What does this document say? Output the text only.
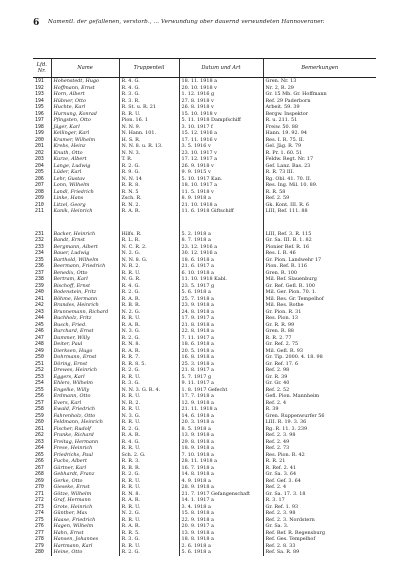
6 Namentl. der gefallenen, verstorb., ... Verwundung ober dauernd verwundeten Hannoveraner.
Lfd. Nr.	Name	Truppenteil	Datum und Art	Bemerkungen
191	Hohenstedt, Hugo	R. 4. G.	18. 11. 1918 a	Gren. Nr. 13
192	Hoffmann, Ernst	R. 4. G.	20. 10. 1918 v	Nr. 2, R. 29
193	Horn, Albert	R. 3. G.	1. 12. 1916 g	Gr. 15 Mb. Gr. Hoffmann
194	Hübner, Otto	R. 3. R.	27. 8. 1918 v	Ref. 29 Paderborn
195	Huchte, Karl	R. St. u. R. 21	26. 8. 1918 v	Arbeit. 59. 39
196	Hurnung, Konrad	R. R. U.	15. 10. 1918 v	Bergw. Inspektor
197	Pfingsten, Otto	Pion. 16. 1	5. 11. 1918 Dampfschiff	R. u. 211. 51
198	Jäger, Karl	N. N. 9.	3. 10. 1917 f	Freiw. 50. 88
199	Kellinger, Karl	N. Hann. 101.	15. 12. 1916 a	Hann. 19. 92. 94
200	Kramer, Wilhelm	H. S. R.	17. 11. 1916 v	Res. I. R. 75. II.
201	Krebs, Heinz	N. N. 8. u. R. 13.	3. 5. 1916 v	Gel. Jäg. R. 79
202	Knuth, Otto	N. N. 3.	23. 10. 1917 v	R. Pr. 1. 60. 51
203	Kurze, Albert	T. R.	17. 12. 1917 a	Feldw. Regt. Nr. 17
204	Lange, Ludwig	R. 2. G.	26. 9. 1918 v	Gef. Lanz. Bas. 23
205	Lüder, Karl	R. 9. G.	9. 9. 1915 v	R. R. 73 III.
206	Lehr, Gustav	N. N. 14	5. 10. 1917 Kan.	Rg. Obl. 41. 70. II.
207	Lonn, Wilhelm	R. R. 8.	18. 10. 1917 a	Res. Ing. Mil. 10. 89.
208	Landl, Friedrich	R. N. 5	11. 5. 1918 v	R. R. 58
209	Linke, Hans	Zsch. R.	8. 9. 1918 a	Ref. 2. 59
210	Litzel, Georg	R. N. 2.	21. 10. 1918 a	Gk. Kont. III. R. 6
211	Kanik, Heinrich	R. A. R.	11. 6. 1918 Giftschiff	LIII, Ref. 111. 88

231	Backer, Heinrich	Hilfs. R.	5. 2. 1918 a	LIII, Ref. 3. R. 115
232	Bandt, Ernst	R. L. R.	8. 7. 1918 a	Gr. Sa. III. B. 1. 82
233	Bergmann, Albert	N. C. R. 2.	23. 12. 1916 a	Pionier Ref. R. 16
234	Bauer, Ludwig	N. 2. G.	30. 12. 1916 a	Res. I. R. 46
235	Barthold, Wilhelm	N. N. 8. G.	18. 6. 1918 a	Gr. Pion. Landwehr 17
236	Beermann, Friedrich	N. R. 2.	21. 6. 1917 a	Pion. Ref. R. 116
237	Benedix, Otto	R. R. U.	6. 10. 1918 a	Gren. R. 100
238	Bertram, Karl	N. G. R.	11. 10. 1918 Kabl.	Mil. Ref. Slauenburg
239	Bischoff, Ernst	R. 4. G.	23. 5. 1917 g	Gr. Ref. Gefl. R. 100
240	Bodenstein, Fritz	R. 2. G.	5. 6. 1918 a	Mil. Ger. Pion. 70. 1.
241	Böhme, Hermann	R. A. R.	25. 7. 1918 a	Mil. Res. Gr. Tempelhof
242	Brandes, Heinrich	R. B. R.	23. 9. 1918 a	Mil. Res. Rothe
243	Brunnemann, Richard	N. 2. G.	24. 8. 1918 a	Gr. Pion. R. 31
244	Buchholz, Fritz	R. R. U.	17. 9. 1917 a	Res. Pion. 13
245	Busch, Fried.	R. A. R.	21. 8. 1918 a	Gr. R. R. 99
246	Burchard, Ernst	N. 3. G.	22. 8. 1918 a	Gren. R. 88
247	Dammer, Willy	R. 2. G.	7. 11. 1917 a	R. R. 2. 77
248	Deiter, Paul	R. N. 8.	18. 6. 1918 a	Gr. Ref. 2. 75
249	Dierksen, Hugo	R. A. R.	20. 5. 1918 a	Mil. Gefl. R. 93
250	Dohrmann, Ernst	R. R. 7.	16. 8. 1918 a	Gr. Tip. 2000. 4. 18. 98
251	Döring, Ernst	R. R. 8. 5.	25. 3. 1918 a	Gr. Ref. 17. 6
252	Drewes, Heinrich	R. 2. G.	21. 8. 1917 a	Ref. 2. 98
253	Eggers, Karl	R. R. U.	5. 7. 1917 g	Gr. R. 39
254	Ehlers, Wilhelm	R. 3. G.	9. 11. 1917 a	Gr. Gr. 40
255	Engelke, Willy	N. N. 3. G. R. 4.	1. 8. 1917 Gefecht	Ref. 2. 52
256	Erdmann, Otto	R. R. U.	17. 7. 1918 a	Gefl. Pion. Mannheim
257	Evers, Karl	N. R. 2.	12. 9. 1918 a	Ref. 2. 4
258	Ewald, Friedrich	R. R. U.	21. 11. 1918 a	R. 39
259	Fahrenholz, Otto	N. 3. G.	14. 6. 1918 a	Gren. Ruppenwurfer 56
260	Feldmann, Heinrich	R. R. U.	20. 3. 1918 a	LIII. R. 19. 3. 36
261	Fischer, Rudolf	R. 2. G.	8. 5. 1918 a	Rg. R. 11. 3. 239
262	Franke, Richard	R. A. R.	13. 9. 1918 a	Ref. 2. 3. 98
263	Freitag, Hermann	R. 4. G.	29. 8. 1918 a	Ref. 2. 49
264	Frese, Heinrich	R. R. U.	18. 9. 1918 a	Ref. 2. 73
265	Friedrichs, Paul	Sch. 2. G.	7. 10. 1918 a	Res. Pion. R. 42
266	Fuchs, Albert	R. R. 3.	28. 11. 1918 a	R. R. 21
267	Gärtner, Karl	R. B. R.	16. 7. 1918 a	R. Ref. 2. 41
268	Gebhardt, Franz	R. 2. G.	14. 8. 1918 a	Gr. Sa. 3. 64
269	Gerke, Otto	R. R. U.	4. 9. 1918 a	Ref. Gef. 3. 64
270	Gieseke, Ernst	R. R. U.	28. 9. 1918 a	Ref. 2. 4
271	Götze, Wilhelm	R. N. 8.	21. 7. 1917 Gefangenschaft	Gr. Sa. 17. 3. 18
272	Graf, Hermann	R. A. R.	14. 1. 1917 a	R. 3. 17
273	Grote, Heinrich	R. R. U.	3. 4. 1918 a	Gr. Ref. 1. 93
274	Günther, Max	N. 2. G.	15. 8. 1918 a	Ref. 2. 3. 98
275	Haase, Friedrich	R. R. U.	22. 9. 1918 a	Ref. 2. 3. Nordstern
276	Hagen, Wilhelm	R. A. R.	20. 9. 1917 a	Gr. Sa. 3.
277	Hahn, Ernst	R. R. 5.	13. 9. 1918 a	Ref. Ref. R. Regensburg
278	Hansen, Johannes	R. 3. G.	18. 8. 1918 a	Ref. Ges. Tempelhof
279	Hartmann, Karl	R. R. U.	2. 6. 1918 a	Ref. 2. 8. 33
280	Heine, Otto	R. 2. G.	5. 6. 1918 a	Ref. Sa. R. 89
